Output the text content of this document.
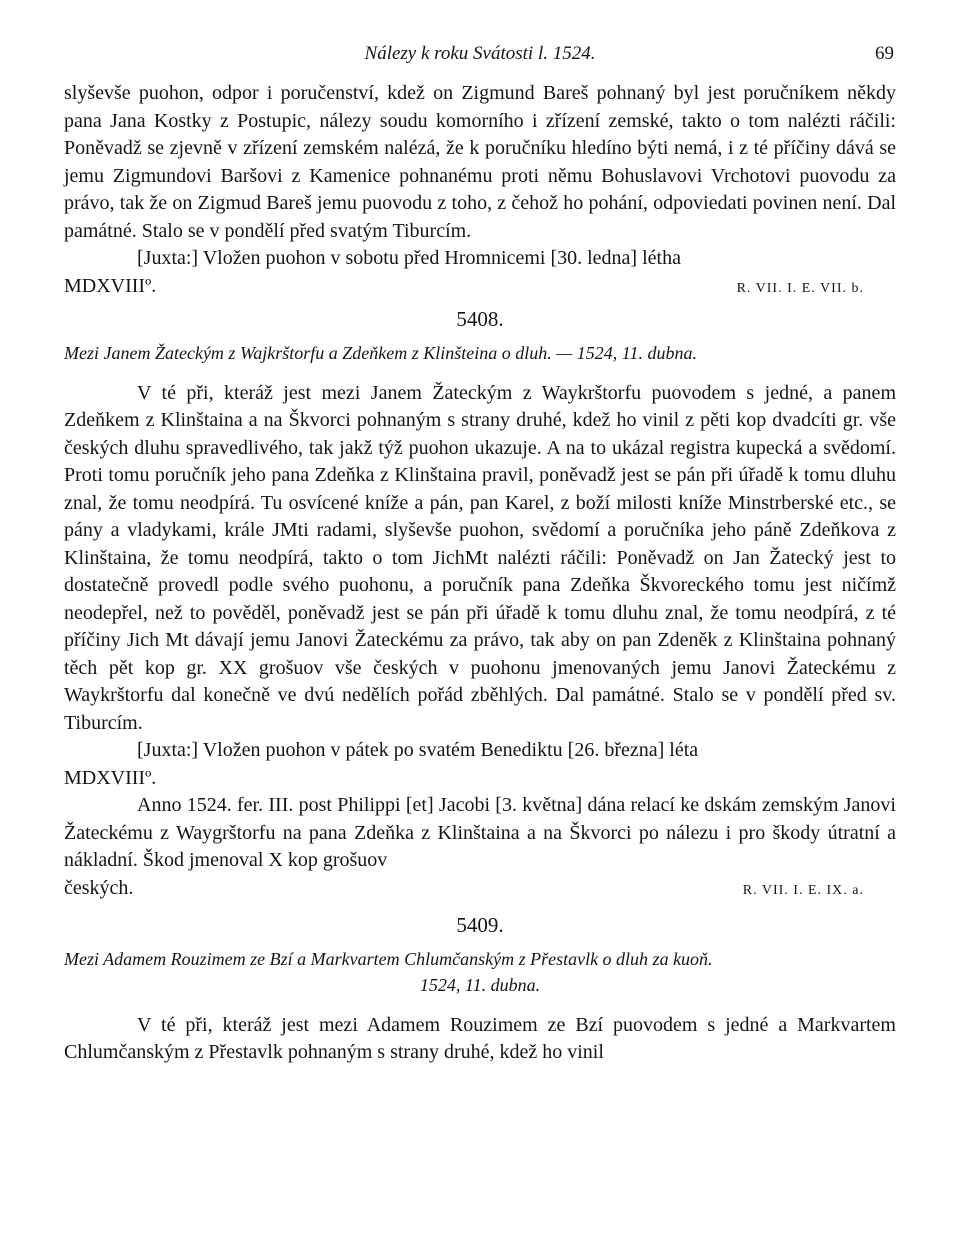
Nálezy k roku Svátosti l. 1524.	69

slyševše puohon, odpor i poručenství, kdež on Zigmund Bareš pohnaný byl jest poručníkem někdy pana Jana Kostky z Postupic, nálezy soudu komorního i zřízení zemské, takto o tom nalézti ráčili: Poněvadž se zjevně v zřízení zemském nalézá, že k poručníku hledíno býti nemá, i z té příčiny dává se jemu Zigmundovi Baršovi z Kamenice pohnanému proti němu Bohuslavovi Vrchotovi puovodu za právo, tak že on Zigmud Bareš jemu puovodu z toho, z čehož ho pohání, odpoviedati povinen není. Dal památné. Stalo se v pondělí před svatým Tiburcím.

[Juxta:] Vložen puohon v sobotu před Hromnicemi [30. ledna] létha

MDXVIIIº.	R. VII. I. E. VII. b.
5408.
Mezi Janem Žateckým z Wajkrštorfu a Zdeňkem z Klinšteina o dluh. — 1524, 11. dubna.

V té při, kteráž jest mezi Janem Žateckým z Waykrštorfu puovodem s jedné, a panem Zdeňkem z Klinštaina a na Škvorci pohnaným s strany druhé, kdež ho vinil z pěti kop dvadcíti gr. vše českých dluhu spravedlivého, tak jakž týž puohon ukazuje. A na to ukázal registra kupecká a svědomí. Proti tomu poručník jeho pana Zdeňka z Klinštaina pravil, poněvadž jest se pán při úřadě k tomu dluhu znal, že tomu neodpírá. Tu osvícené kníže a pán, pan Karel, z boží milosti kníže Minstrberské etc., se pány a vladykami, krále JMti radami, slyševše puohon, svědomí a poručníka jeho páně Zdeňkova z Klinštaina, že tomu neodpírá, takto o tom JichMt nalézti ráčili: Poněvadž on Jan Žatecký jest to dostatečně provedl podle svého puohonu, a poručník pana Zdeňka Škvoreckého tomu jest ničímž neodepřel, než to pověděl, poněvadž jest se pán při úřadě k tomu dluhu znal, že tomu neodpírá, z té příčiny Jich Mt dávají jemu Janovi Žateckému za právo, tak aby on pan Zdeněk z Klinštaina pohnaný těch pět kop gr. XX grošuov vše českých v puohonu jmenovaných jemu Janovi Žateckému z Waykrštorfu dal konečně ve dvú nedělích pořád zběhlých. Dal památné. Stalo se v pondělí před sv. Tiburcím.

[Juxta:] Vložen puohon v pátek po svatém Benediktu [26. března] léta

MDXVIIIº.

Anno 1524. fer. III. post Philippi [et] Jacobi [3. května] dána relací ke dskám zemským Janovi Žateckému z Waygrštorfu na pana Zdeňka z Klinštaina a na Škvorci po nálezu i pro škody útratní a nákladní. Škod jmenoval X kop grošuov

českých.	R. VII. I. E. IX. a.
5409.
Mezi Adamem Rouzimem ze Bzí a Markvartem Chlumčanským z Přestavlk o dluh za kuoň.
1524, 11. dubna.

V té při, kteráž jest mezi Adamem Rouzimem ze Bzí puovodem s jedné a Markvartem Chlumčanským z Přestavlk pohnaným s strany druhé, kdež ho vinil
